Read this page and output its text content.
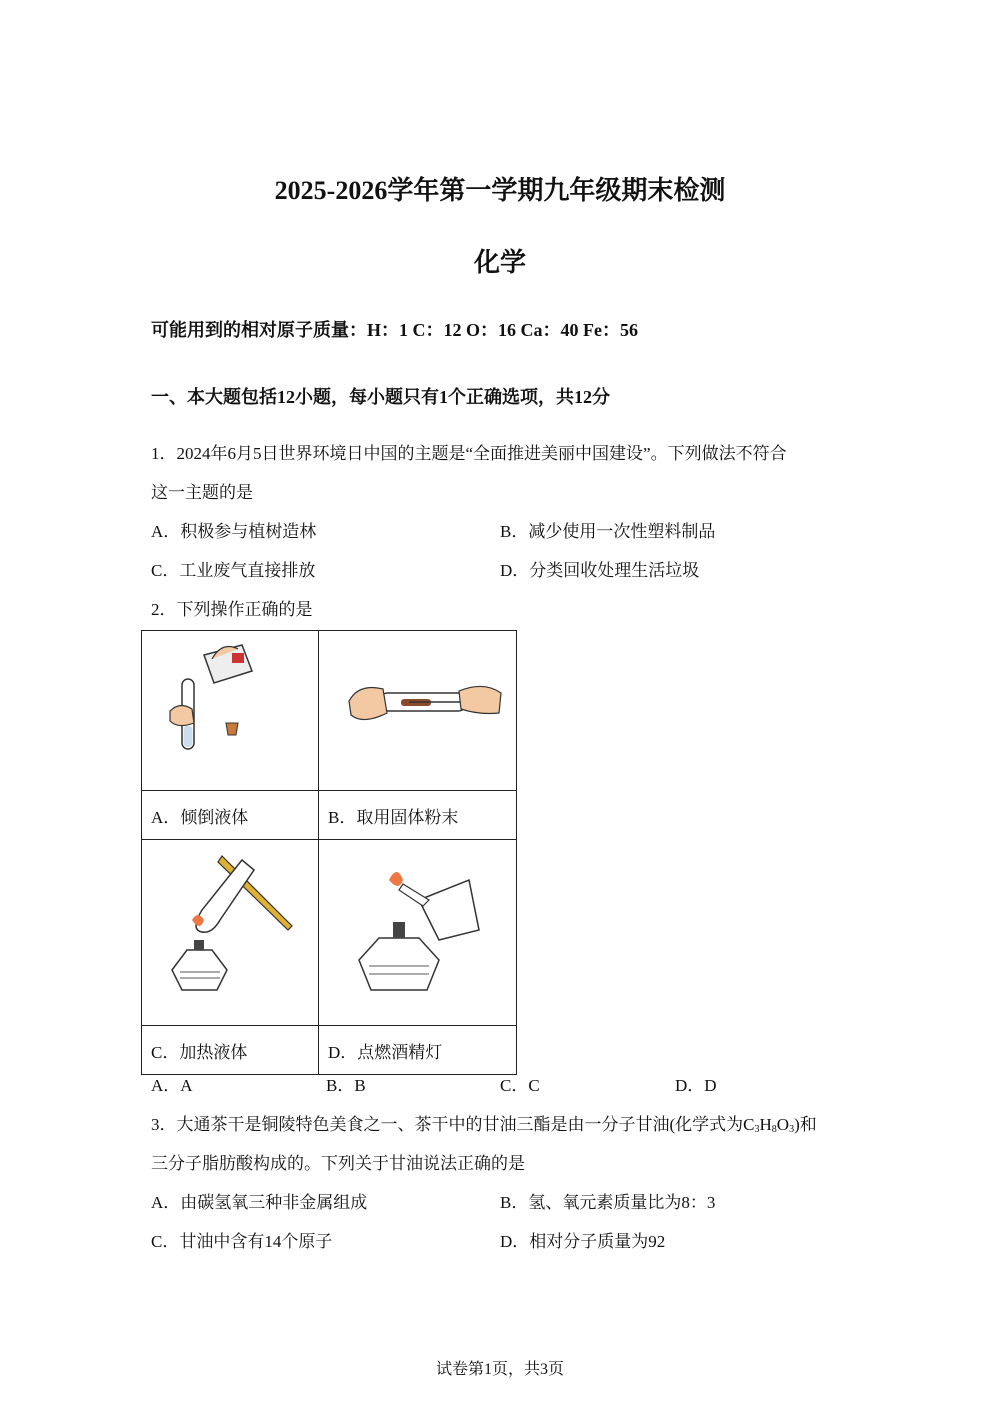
2025-2026学年第一学期九年级期末检测
化学
可能用到的相对原子质量：H：1 C：12 O：16 Ca：40 Fe：56
一、本大题包括12小题，每小题只有1个正确选项，共12分
1．2024年6月5日世界环境日中国的主题是“全面推进美丽中国建设”。下列做法不符合
这一主题的是
A．积极参与植树造林	B．减少使用一次性塑料制品
C．工业废气直接排放	D．分类回收处理生活垃圾
2．下列操作正确的是

A．倾倒液体	B．取用固体粉末

C．加热液体	D．点燃酒精灯
A．A	B．B	C．C	D．D
3．大通茶干是铜陵特色美食之一、茶干中的甘油三酯是由一分子甘油(化学式为$C_3H_8O_3$)和
三分子脂肪酸构成的。下列关于甘油说法正确的是
A．由碳氢氧三种非金属组成	B．氢、氧元素质量比为8：3
C．甘油中含有14个原子	D．相对分子质量为92
试卷第1页，共3页
